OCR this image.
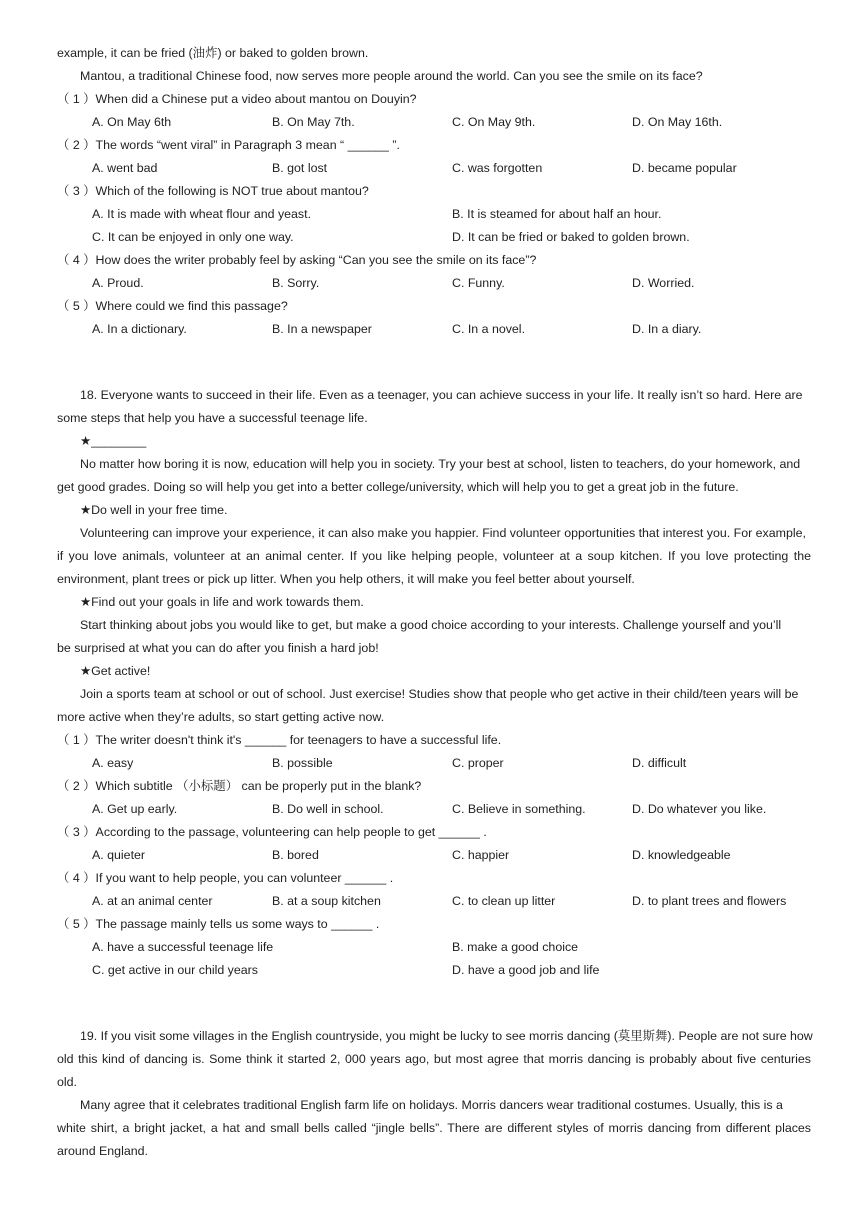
example, it can be fried (油炸) or baked to golden brown.
Mantou, a traditional Chinese food, now serves more people around the world. Can you see the smile on its face?
（ 1 ）When did a Chinese put a video about mantou on Douyin?
（ 2 ）The words “went viral” in Paragraph 3 mean “ ______ ”.
（ 3 ）Which of the following is NOT true about mantou?
（ 4 ）How does the writer probably feel by asking “Can you see the smile on its face”?
（ 5 ）Where could we find this passage?
18. Everyone wants to succeed in their life. Even as a teenager, you can achieve success in your life. It really isn’t so hard. Here are
some steps that help you have a successful teenage life.
★________
No matter how boring it is now, education will help you in society. Try your best at school, listen to teachers, do your homework, and
get good grades. Doing so will help you get into a better college/university, which will help you to get a great job in the future.
★Do well in your free time.
Volunteering can improve your experience, it can also make you happier. Find volunteer opportunities that interest you. For example,
if you love animals, volunteer at an animal center. If you like helping people, volunteer at a soup kitchen. If you love protecting the
environment, plant trees or pick up litter. When you help others, it will make you feel better about yourself.
★Find out your goals in life and work towards them.
Start thinking about jobs you would like to get, but make a good choice according to your interests. Challenge yourself and you’ll
be surprised at what you can do after you finish a hard job!
★Get active!
Join a sports team at school or out of school. Just exercise! Studies show that people who get active in their child/teen years will be
more active when they’re adults, so start getting active now.
（ 1 ）The writer doesn't think it's ______ for teenagers to have a successful life.
（ 2 ）Which subtitle （小标题） can be properly put in the blank?
（ 3 ）According to the passage, volunteering can help people to get ______ .
（ 4 ）If you want to help people, you can volunteer ______ .
（ 5 ）The passage mainly tells us some ways to ______ .
19. If you visit some villages in the English countryside, you might be lucky to see morris dancing (莫里斯舞). People are not sure how
old this kind of dancing is. Some think it started 2, 000 years ago, but most agree that morris dancing is probably about five centuries
old.
Many agree that it celebrates traditional English farm life on holidays. Morris dancers wear traditional costumes. Usually, this is a
white shirt, a bright jacket, a hat and small bells called “jingle bells”. There are different styles of morris dancing from different places
around England.
A. On May 6th	B. On May 7th.	C. On May 9th.	D. On May 16th.
A. went bad	B. got lost	C. was forgotten	D. became popular
A. It is made with wheat flour and yeast.	B. It is steamed for about half an hour.
C. It can be enjoyed in only one way.	D. It can be fried or baked to golden brown.
A. Proud.	B. Sorry.	C. Funny.	D. Worried.
A. In a dictionary.	B. In a newspaper	C. In a novel.	D. In a diary.
A. easy	B. possible	C. proper	D. difficult
A. Get up early.	B. Do well in school.	C. Believe in something.	D. Do whatever you like.
A. quieter	B. bored	C. happier	D. knowledgeable
A. at an animal center	B. at a soup kitchen	C. to clean up litter	D. to plant trees and flowers
A. have a successful teenage life	B. make a good choice
C. get active in our child years	D. have a good job and life
